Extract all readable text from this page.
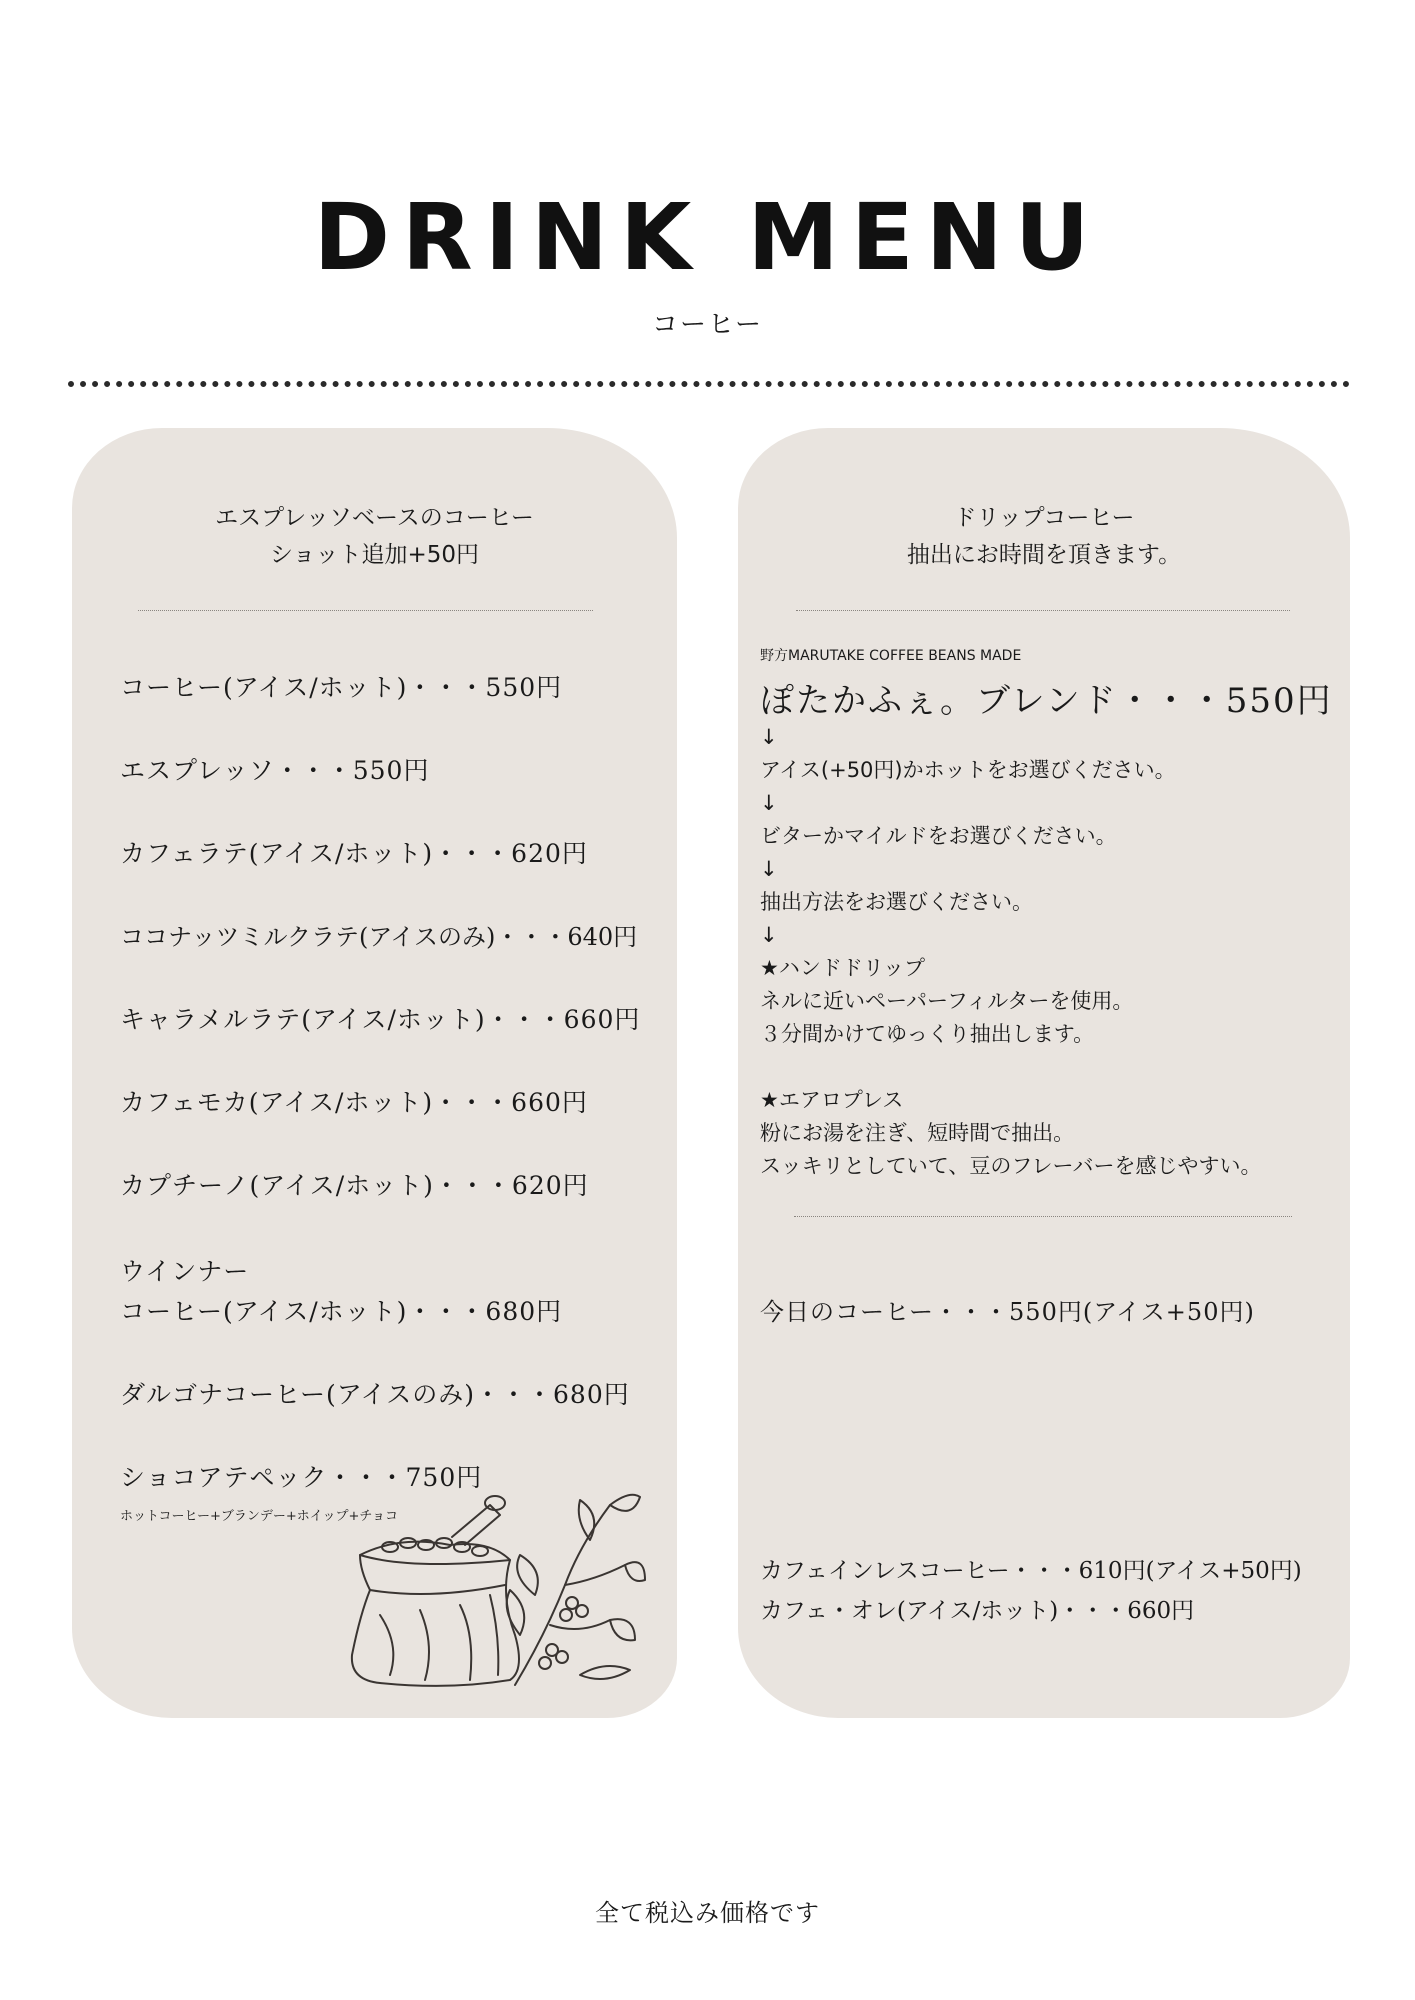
DRINK MENU
コーヒー
エスプレッソベースのコーヒー
ショット追加+50円
コーヒー(アイス/ホット)・・・550円
エスプレッソ・・・550円
カフェラテ(アイス/ホット)・・・620円
ココナッツミルクラテ(アイスのみ)・・・640円
キャラメルラテ(アイス/ホット)・・・660円
カフェモカ(アイス/ホット)・・・660円
カプチーノ(アイス/ホット)・・・620円
ウインナー
コーヒー(アイス/ホット)・・・680円
ダルゴナコーヒー(アイスのみ)・・・680円
ショコアテペック・・・750円
ホットコーヒー+ブランデー+ホイップ+チョコ
ドリップコーヒー
抽出にお時間を頂きます。
野方MARUTAKE COFFEE BEANS MADE
ぽたかふぇ。ブレンド・・・550円
↓
アイス(+50円)かホットをお選びください。
↓
ビターかマイルドをお選びください。
↓
抽出方法をお選びください。
↓
★ハンドドリップ
ネルに近いペーパーフィルターを使用。
３分間かけてゆっくり抽出します。
★エアロプレス
粉にお湯を注ぎ、短時間で抽出。
スッキリとしていて、豆のフレーバーを感じやすい。
今日のコーヒー・・・550円(アイス+50円)
カフェインレスコーヒー・・・610円(アイス+50円)
カフェ・オレ(アイス/ホット)・・・660円
全て税込み価格です
